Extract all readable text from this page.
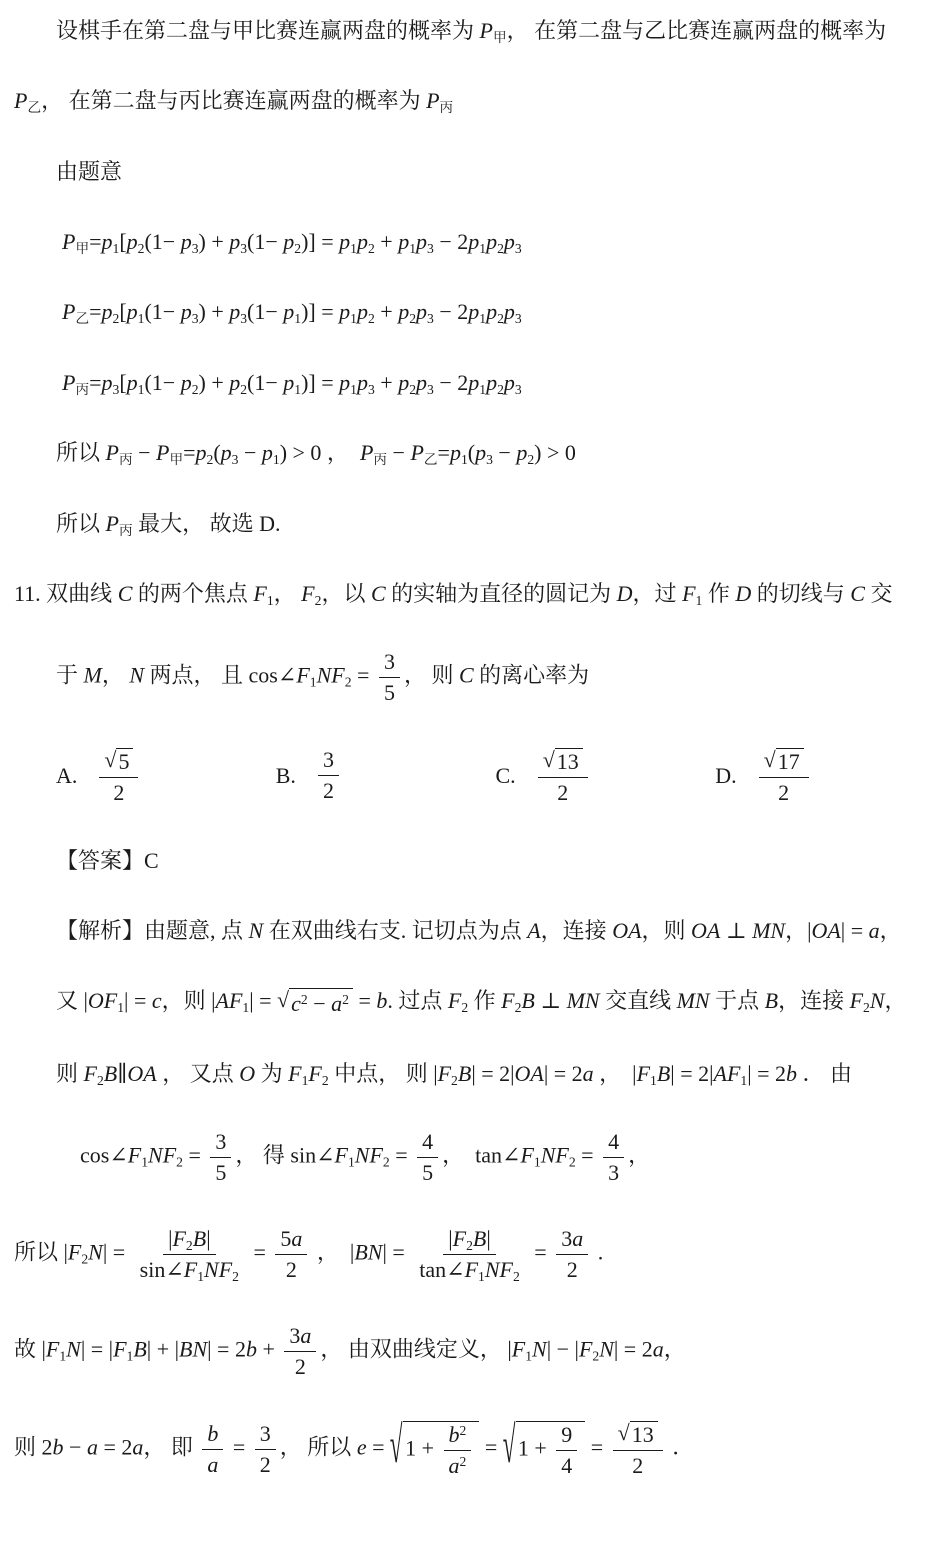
设棋手在第二盘与甲比赛连赢两盘的概率为 $P_甲$， 在第二盘与乙比赛连赢两盘的概率为
$P_乙$， 在第二盘与丙比赛连赢两盘的概率为 $P_丙$
由题意
$P_甲=p_1[p_2(1- p_3) + p_3(1- p_2)] = p_1p_2 + p_1p_3 - 2p_1p_2p_3$
$P_乙=p_2[p_1(1- p_3) + p_3(1- p_1)] = p_1p_2 + p_2p_3 - 2p_1p_2p_3$
$P_丙=p_3[p_1(1- p_2) + p_2(1- p_1)] = p_1p_3 + p_2p_3 - 2p_1p_2p_3$
所以 $P_丙 - P_甲=p_2(p_3 - p_1) > 0$ ，  $P_丙 - P_乙=p_1(p_3 - p_2) > 0$
所以 $P_丙$ 最大， 故选 D.
11. 双曲线 C 的两个焦点 $F_1$， $F_2$，以 C 的实轴为直径的圆记为 D，过 $F_1$ 作 D 的切线与 C 交
于 M， N 两点， 且 $\cos\angle F_1NF_2 = \frac{3}{5}$ ， 则 C 的离心率为
A. $\frac{√ 5}{2}$	B. $\frac{3}{2}$	C. $\frac{√ 13}{2}$	D. $\frac{√ 17}{2}$
【答案】C
【解析】由题意, 点 N 在双曲线右支. 记切点为点 A，连接 OA，则 OA ⊥ MN，|OA| = a，
又 $|OF_1| = c$，则 $|AF_1|$ = √ $c^2 - a^2 = b$. 过点 $F_2$ 作 $F_2B$ ⊥ MN 交直线 MN 于点 B，连接 $F_2N$，
则 $F_2B\parallel OA$ ， 又点 O 为 $F_1F_2$ 中点， 则 $|F_2B| = 2|OA| = 2a$ ，  $|F_1B| = 2|AF_1| = 2b$ ． 由
$\cos\angle F_1NF_2 = \frac{3}{5}$ ， 得 $\sin\angle F_1NF_2 = \frac{4}{5}$ ，  $\tan\angle F_1NF_2 = \frac{4}{3}$ ，
所以 $|F_2N| = \frac{|F_2B|}{\sin\angle F_1NF_2} = \frac{5a}{2}$ ，  $|BN| = \frac{|F_2B|}{\tan\angle F_1NF_2} = \frac{3a}{2}$ .
故 $|F_1N| = |F_1B| + |BN| = 2b + \frac{3a}{2}$ ， 由双曲线定义， $|F_1N| - |F_2N| = 2a$，
则 2b − a = 2a， 即 $\frac{b}{a} = \frac{3}{2}$ ， 所以 e = √ $1 + \frac{b^2}{a^2}$ = √ $1 + \frac{9}{4} = \frac{√ 13}{2}$ ．
